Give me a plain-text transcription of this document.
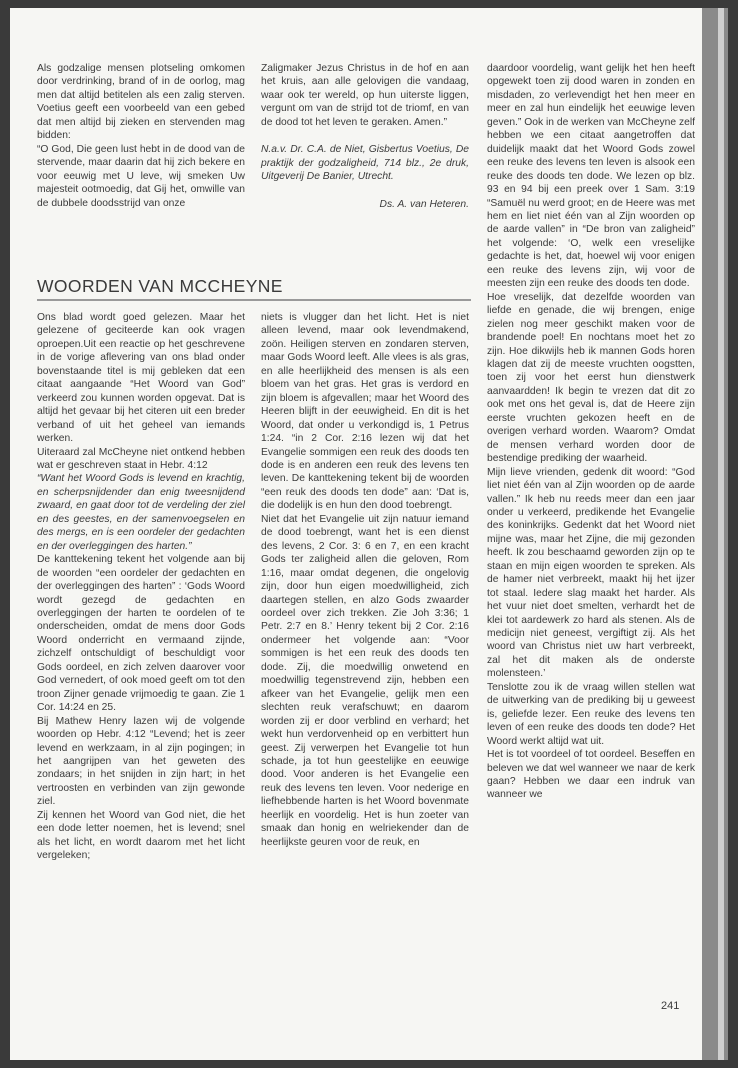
Als godzalige mensen plotseling omkomen door verdrinking, brand of in de oorlog, mag men dat altijd betitelen als een zalig sterven. Voetius geeft een voorbeeld van een gebed dat men altijd bij zieken en stervenden mag bidden:

“O God, Die geen lust hebt in de dood van de stervende, maar daarin dat hij zich bekere en voor eeuwig met U leve, wij smeken Uw majesteit ootmoedig, dat Gij het, omwille van de dubbele doodsstrijd van onze

Zaligmaker Jezus Christus in de hof en aan het kruis, aan alle gelovigen die vandaag, waar ook ter wereld, op hun uiterste liggen, vergunt om van de strijd tot de triomf, en van de dood tot het leven te geraken. Amen.”

N.a.v. Dr. C.A. de Niet, Gisbertus Voetius, De praktijk der godzaligheid, 714 blz., 2e druk, Uitgeverij De Banier, Utrecht.

Ds. A. van Heteren.

WOORDEN VAN MCCHEYNE

Ons blad wordt goed gelezen. Maar het gelezene of geciteerde kan ook vragen oproepen.Uit een reactie op het geschrevene in de vorige aflevering van ons blad onder bovenstaande titel is mij gebleken dat een citaat aangaande “Het Woord van God” verkeerd zou kunnen worden opgevat. Dat is altijd het gevaar bij het citeren uit een breder verband of uit het geheel van iemands werken.

Uiteraard zal McCheyne niet ontkend hebben wat er geschreven staat in Hebr. 4:12

“Want het Woord Gods is levend en krachtig, en scherpsnijdender dan enig tweesnijdend zwaard, en gaat door tot de verdeling der ziel en des geestes, en der samenvoegselen en des mergs, en is een oordeler der gedachten en der overleggingen des harten.”

De kanttekening tekent het volgende aan bij de woorden “een oordeler der gedachten en der overleggingen des harten” : ‘Gods Woord wordt gezegd de gedachten en overleggingen der harten te oordelen of te onderscheiden, omdat de mens door Gods Woord onderricht en vermaand zijnde, zichzelf ontschuldigt of beschuldigt voor Gods oordeel, en zich zelven daarover voor God vernedert, of ook moed geeft om tot den troon Zijner genade vrijmoedig te gaan. Zie 1 Cor. 14:24 en 25.

Bij Mathew Henry lazen wij de volgende woorden op Hebr. 4:12 “Levend; het is zeer levend en werkzaam, in al zijn pogingen; in het aangrijpen van het geweten des zondaars; in het snijden in zijn hart; in het vertroosten en verbinden van zijn gewonde ziel.

Zij kennen het Woord van God niet, die het een dode letter noemen, het is levend; snel als het licht, en wordt daarom met het licht vergeleken;

niets is vlugger dan het licht. Het is niet alleen levend, maar ook levendmakend, zoön. Heiligen sterven en zondaren sterven, maar Gods Woord leeft. Alle vlees is als gras, en alle heerlijkheid des mensen is als een bloem van het gras. Het gras is verdord en zijn bloem is afgevallen; maar het Woord des Heeren blijft in der eeuwigheid. En dit is het Woord, dat onder u verkondigd is, 1 Petrus 1:24. “in 2 Cor. 2:16 lezen wij dat het Evangelie sommigen een reuk des doods ten dode is en anderen een reuk des levens ten leven. De kanttekening tekent bij de woorden “een reuk des doods ten dode” aan: ‘Dat is, die dodelijk is en hun den dood toebrengt.

Niet dat het Evangelie uit zijn natuur iemand de dood toebrengt, want het is een dienst des levens, 2 Cor. 3: 6 en 7, en een kracht Gods ter zaligheid allen die geloven, Rom 1:16, maar omdat degenen, die ongelovig zijn, door hun eigen moedwilligheid, zich daartegen stellen, en alzo Gods zwaarder oordeel over zich trekken. Zie Joh 3:36; 1 Petr. 2:7 en 8.’ Henry tekent bij 2 Cor. 2:16 ondermeer het volgende aan: “Voor sommigen is het een reuk des doods ten dode. Zij, die moedwillig onwetend en moedwillig tegenstrevend zijn, hebben een afkeer van het Evangelie, gelijk men een slechten reuk verafschuwt; en daarom worden zij er door verblind en verhard; het wekt hun verdorvenheid op en verbittert hun geest. Zij verwerpen het Evangelie tot hun schade, ja tot hun geestelijke en eeuwige dood. Voor anderen is het Evangelie een reuk des levens ten leven. Voor nederige en liefhebbende harten is het Woord bovenmate heerlijk en voordelig. Het is hun zoeter van smaak dan honig en welriekender dan de heerlijkste geuren voor de reuk, en

daardoor voordelig, want gelijk het hen heeft opgewekt toen zij dood waren in zonden en misdaden, zo verlevendigt het hen meer en meer en zal hun eindelijk het eeuwige leven geven.” Ook in de werken van McCheyne zelf hebben we een citaat aangetroffen dat duidelijk maakt dat het Woord Gods zowel een reuke des levens ten leven is alsook een reuke des doods ten dode. We lezen op blz. 93 en 94 bij een preek over 1 Sam. 3:19 “Samuël nu werd groot; en de Heere was met hem en liet niet één van al Zijn woorden op de aarde vallen” in “De bron van zaligheid” het volgende: ‘O, welk een vreselijke gedachte is het, dat, hoewel wij voor enigen een reuke des levens zijn, wij voor de meesten zijn een reuke des doods ten dode.

Hoe vreselijk, dat dezelfde woorden van liefde en genade, die wij brengen, enige zielen nog meer geschikt maken voor de brandende poel! En nochtans moet het zo zijn. Hoe dikwijls heb ik mannen Gods horen klagen dat zij de meeste vruchten oogstten, toen zij voor het eerst hun dienstwerk aanvaardden! Ik begin te vrezen dat dit zo ook met ons het geval is, dat de Heere zijn eerste vruchten gekozen heeft en de overigen verhard worden. Waarom? Omdat de mensen verhard worden door de bestendige prediking der waarheid.

Mijn lieve vrienden, gedenk dit woord: “God liet niet één van al Zijn woorden op de aarde vallen.” Ik heb nu reeds meer dan een jaar onder u verkeerd, predikende het Evangelie des koninkrijks. Gedenkt dat het Woord niet mijne was, maar het Zijne, die mij gezonden heeft. Ik zou beschaamd geworden zijn op te staan en mijn eigen woorden te spreken. Als de hamer niet verbreekt, maakt hij het ijzer tot staal. Iedere slag maakt het harder. Als het vuur niet doet smelten, verhardt het de klei tot aardewerk zo hard als stenen. Als de medicijn niet geneest, vergiftigt zij. Als het woord van Christus niet uw hart verbreekt, zal het dit maken als de onderste molensteen.’

Tenslotte zou ik de vraag willen stellen wat de uitwerking van de prediking bij u geweest is, geliefde lezer. Een reuke des levens ten leven of een reuke des doods ten dode? Het Woord werkt altijd wat uit.

Het is tot voordeel of tot oordeel. Beseffen en beleven we dat wel wanneer we naar de kerk gaan? Hebben we daar een indruk van wanneer we

241
